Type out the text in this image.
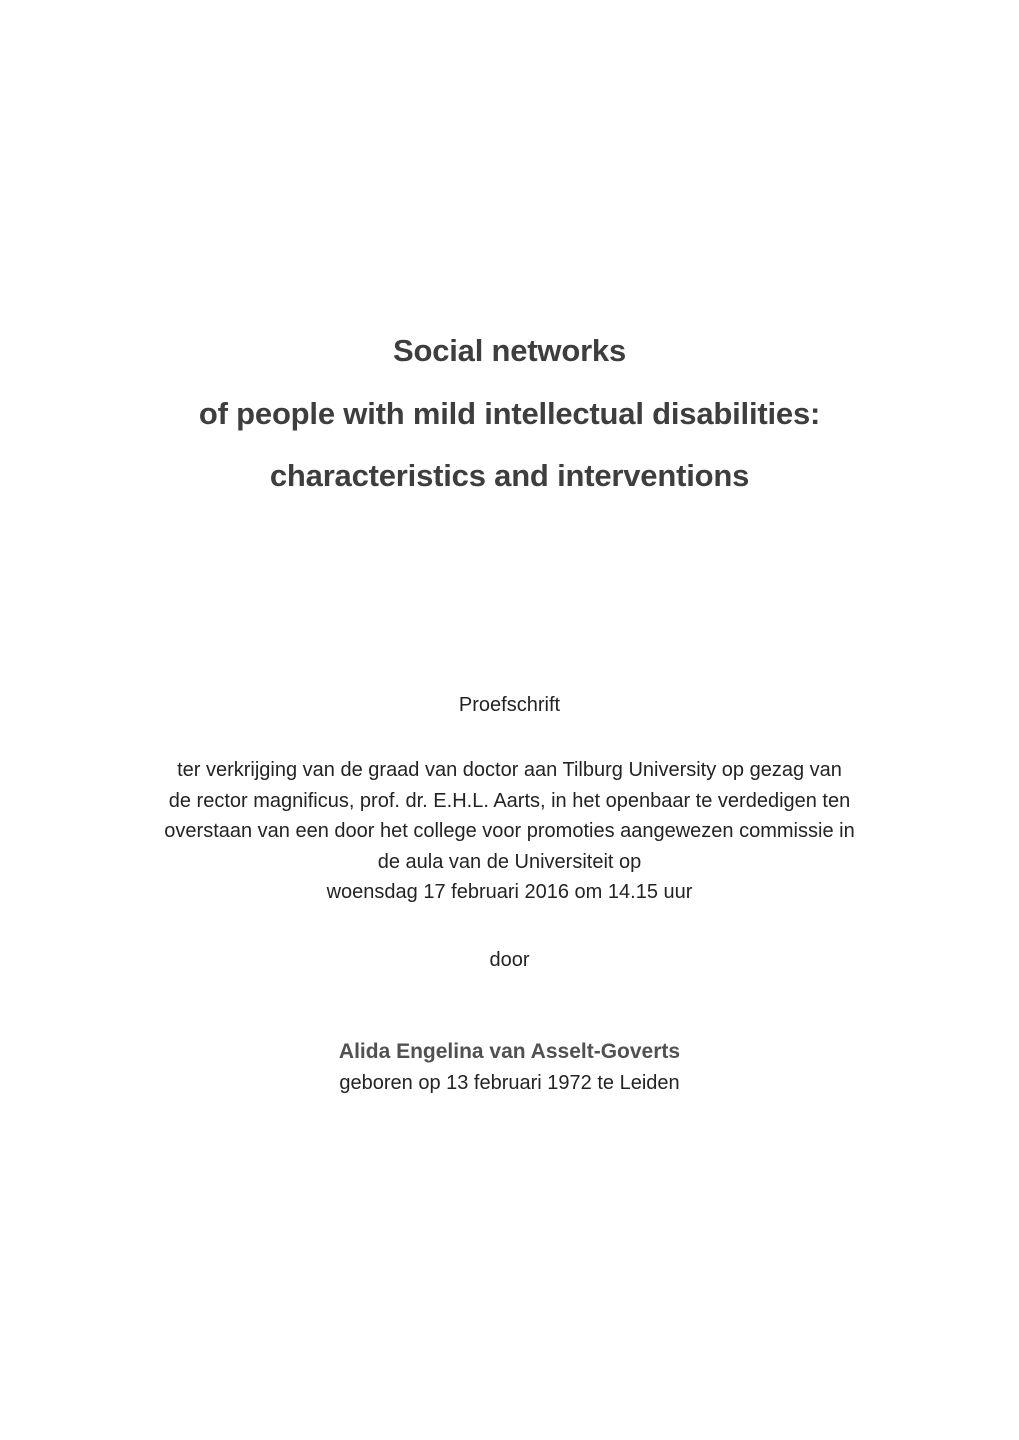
Social networks
of people with mild intellectual disabilities:
characteristics and interventions
Proefschrift
ter verkrijging van de graad van doctor aan Tilburg University op gezag van
de rector magnificus, prof. dr. E.H.L. Aarts, in het openbaar te verdedigen ten
overstaan van een door het college voor promoties aangewezen commissie in
de aula van de Universiteit op
woensdag 17 februari 2016 om 14.15 uur
door
Alida Engelina van Asselt-Goverts
geboren op 13 februari 1972 te Leiden
